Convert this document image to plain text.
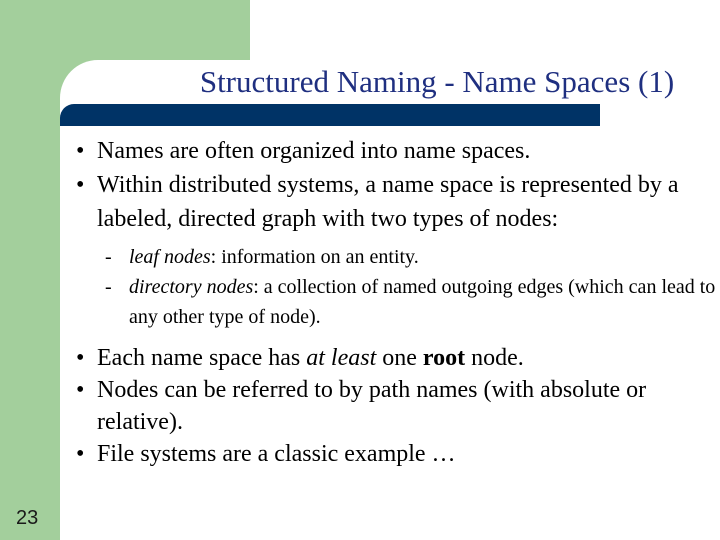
Structured Naming - Name Spaces (1)
• Names are often organized into name spaces.
• Within distributed systems, a name space is represented by a labeled, directed graph with two types of nodes:
- leaf nodes: information on an entity.
- directory nodes: a collection of named outgoing edges (which can lead to any other type of node).
• Each name space has at least one root node.
• Nodes can be referred to by path names (with absolute or relative).
• File systems are a classic example …
23
